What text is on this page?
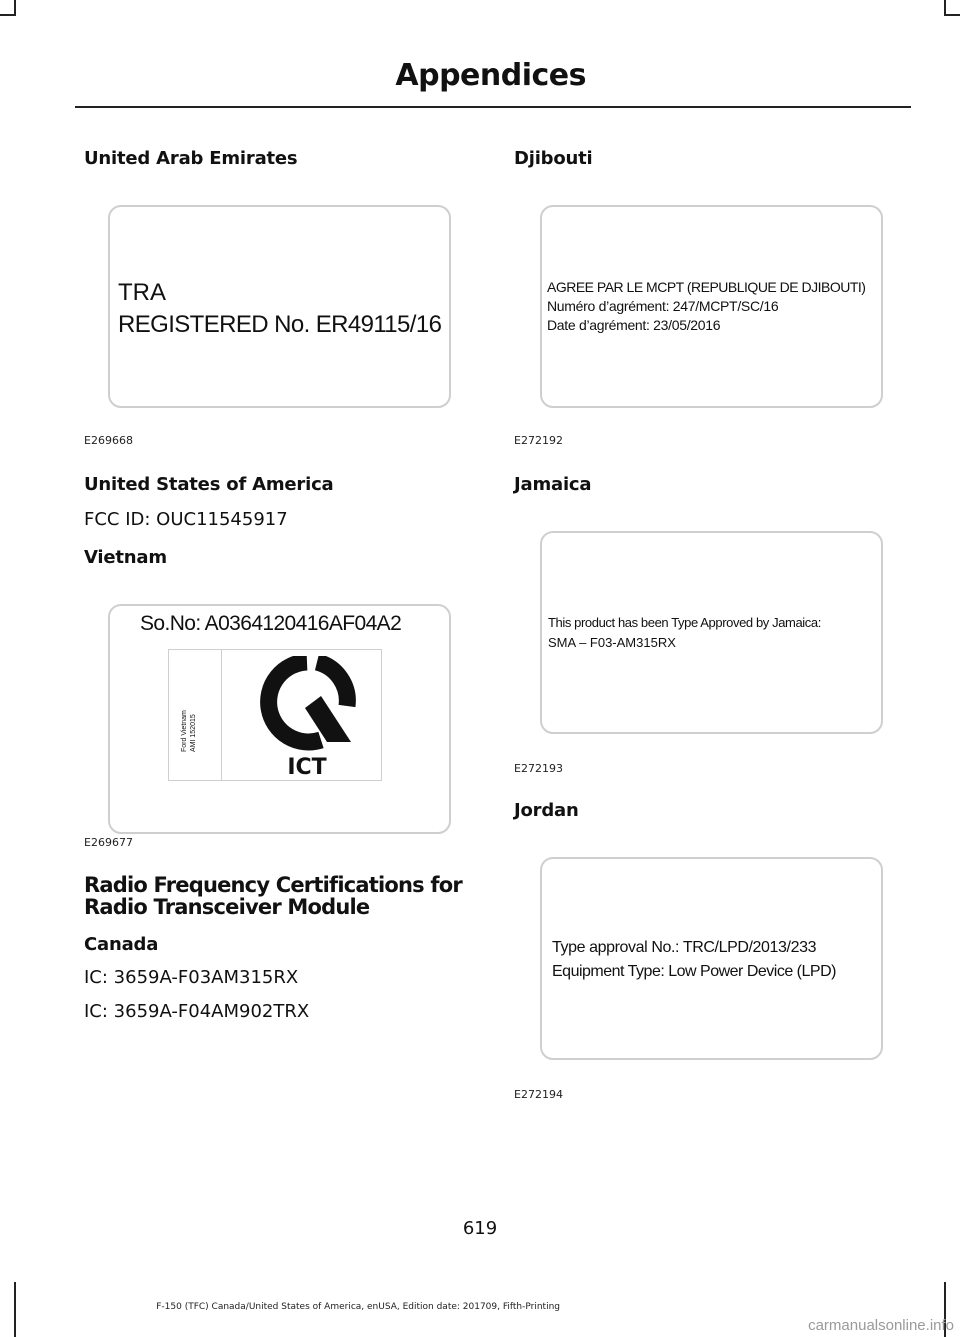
Appendices
United Arab Emirates
TRA
REGISTERED No. ER49115/16
E269668
United States of America
FCC ID: OUC11545917
Vietnam
So.No: A0364120416AF04A2
Ford Vietnam AMI 152015
ICT
E269677
Radio Frequency Certifications for
Radio Transceiver Module
Canada
IC: 3659A-F03AM315RX
IC: 3659A-F04AM902TRX
Djibouti
AGREE PAR LE MCPT (REPUBLIQUE DE DJIBOUTI)
Numéro d’agrément: 247/MCPT/SC/16
Date d’agrément: 23/05/2016
E272192
Jamaica
This product has been Type Approved by Jamaica:
SMA – F03-AM315RX
E272193
Jordan
Type approval No.: TRC/LPD/2013/233
Equipment Type: Low Power Device (LPD)
E272194
619
F-150 (TFC) Canada/United States of America, enUSA, Edition date: 201709, Fifth-Printing
carmanualsonline.info
